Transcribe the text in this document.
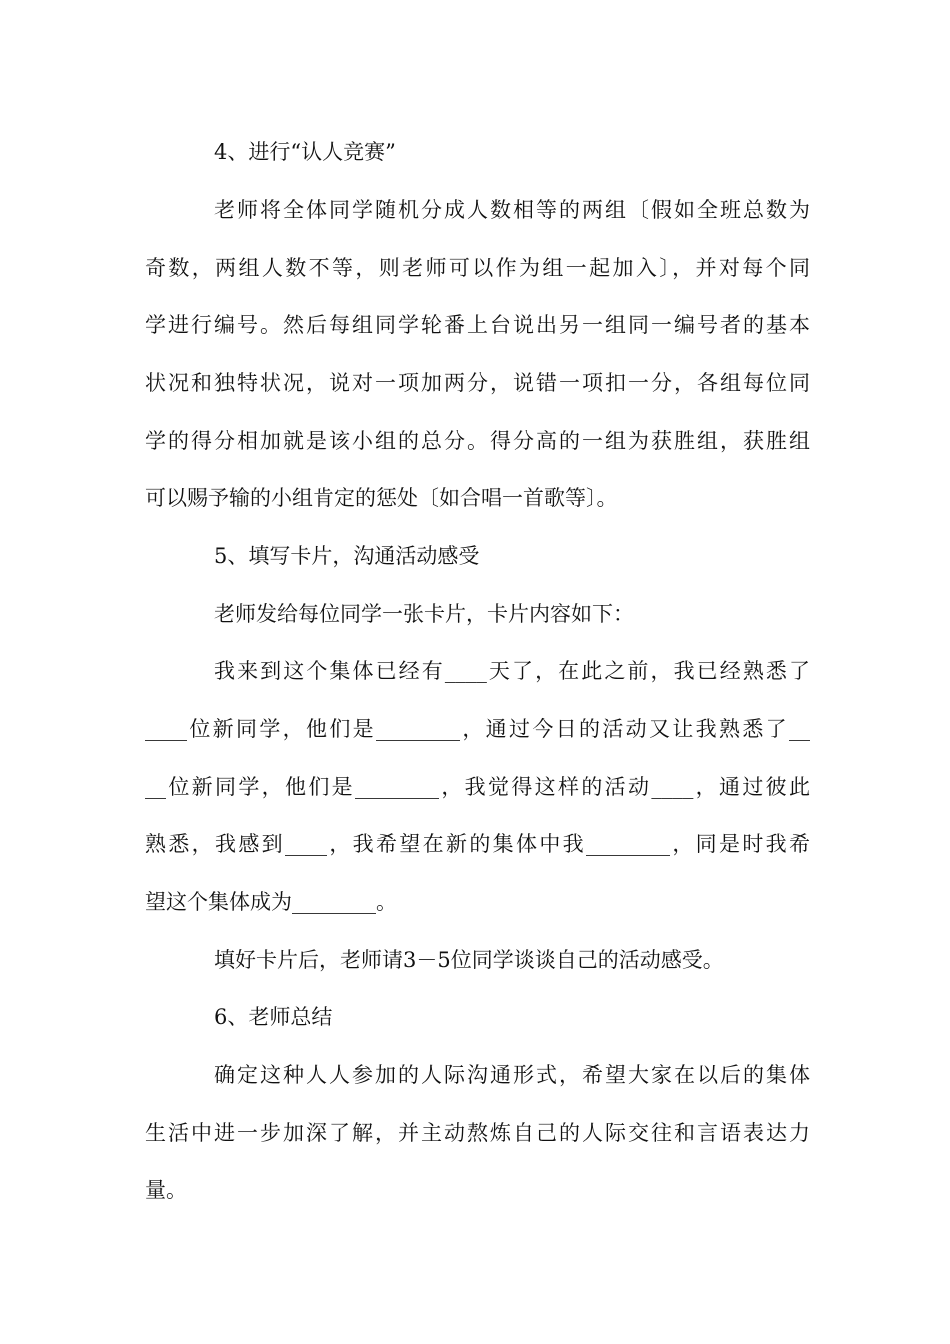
4、进行“认人竞赛”
老师将全体同学随机分成人数相等的两组〔假如全班总数为
奇数，两组人数不等，则老师可以作为组一起加入〕，并对每个同
学进行编号。然后每组同学轮番上台说出另一组同一编号者的基本
状况和独特状况，说对一项加两分，说错一项扣一分，各组每位同
学的得分相加就是该小组的总分。得分高的一组为获胜组，获胜组
可以赐予输的小组肯定的惩处〔如合唱一首歌等〕。
5、填写卡片，沟通活动感受
老师发给每位同学一张卡片，卡片内容如下：
我来到这个集体已经有____天了，在此之前，我已经熟悉了
____位新同学，他们是________，通过今日的活动又让我熟悉了__
__位新同学，他们是________，我觉得这样的活动____，通过彼此
熟悉，我感到____，我希望在新的集体中我________，同是时我希
望这个集体成为________。
填好卡片后，老师请3－5位同学谈谈自己的活动感受。
6、老师总结
确定这种人人参加的人际沟通形式，希望大家在以后的集体
生活中进一步加深了解，并主动熬炼自己的人际交往和言语表达力
量。
